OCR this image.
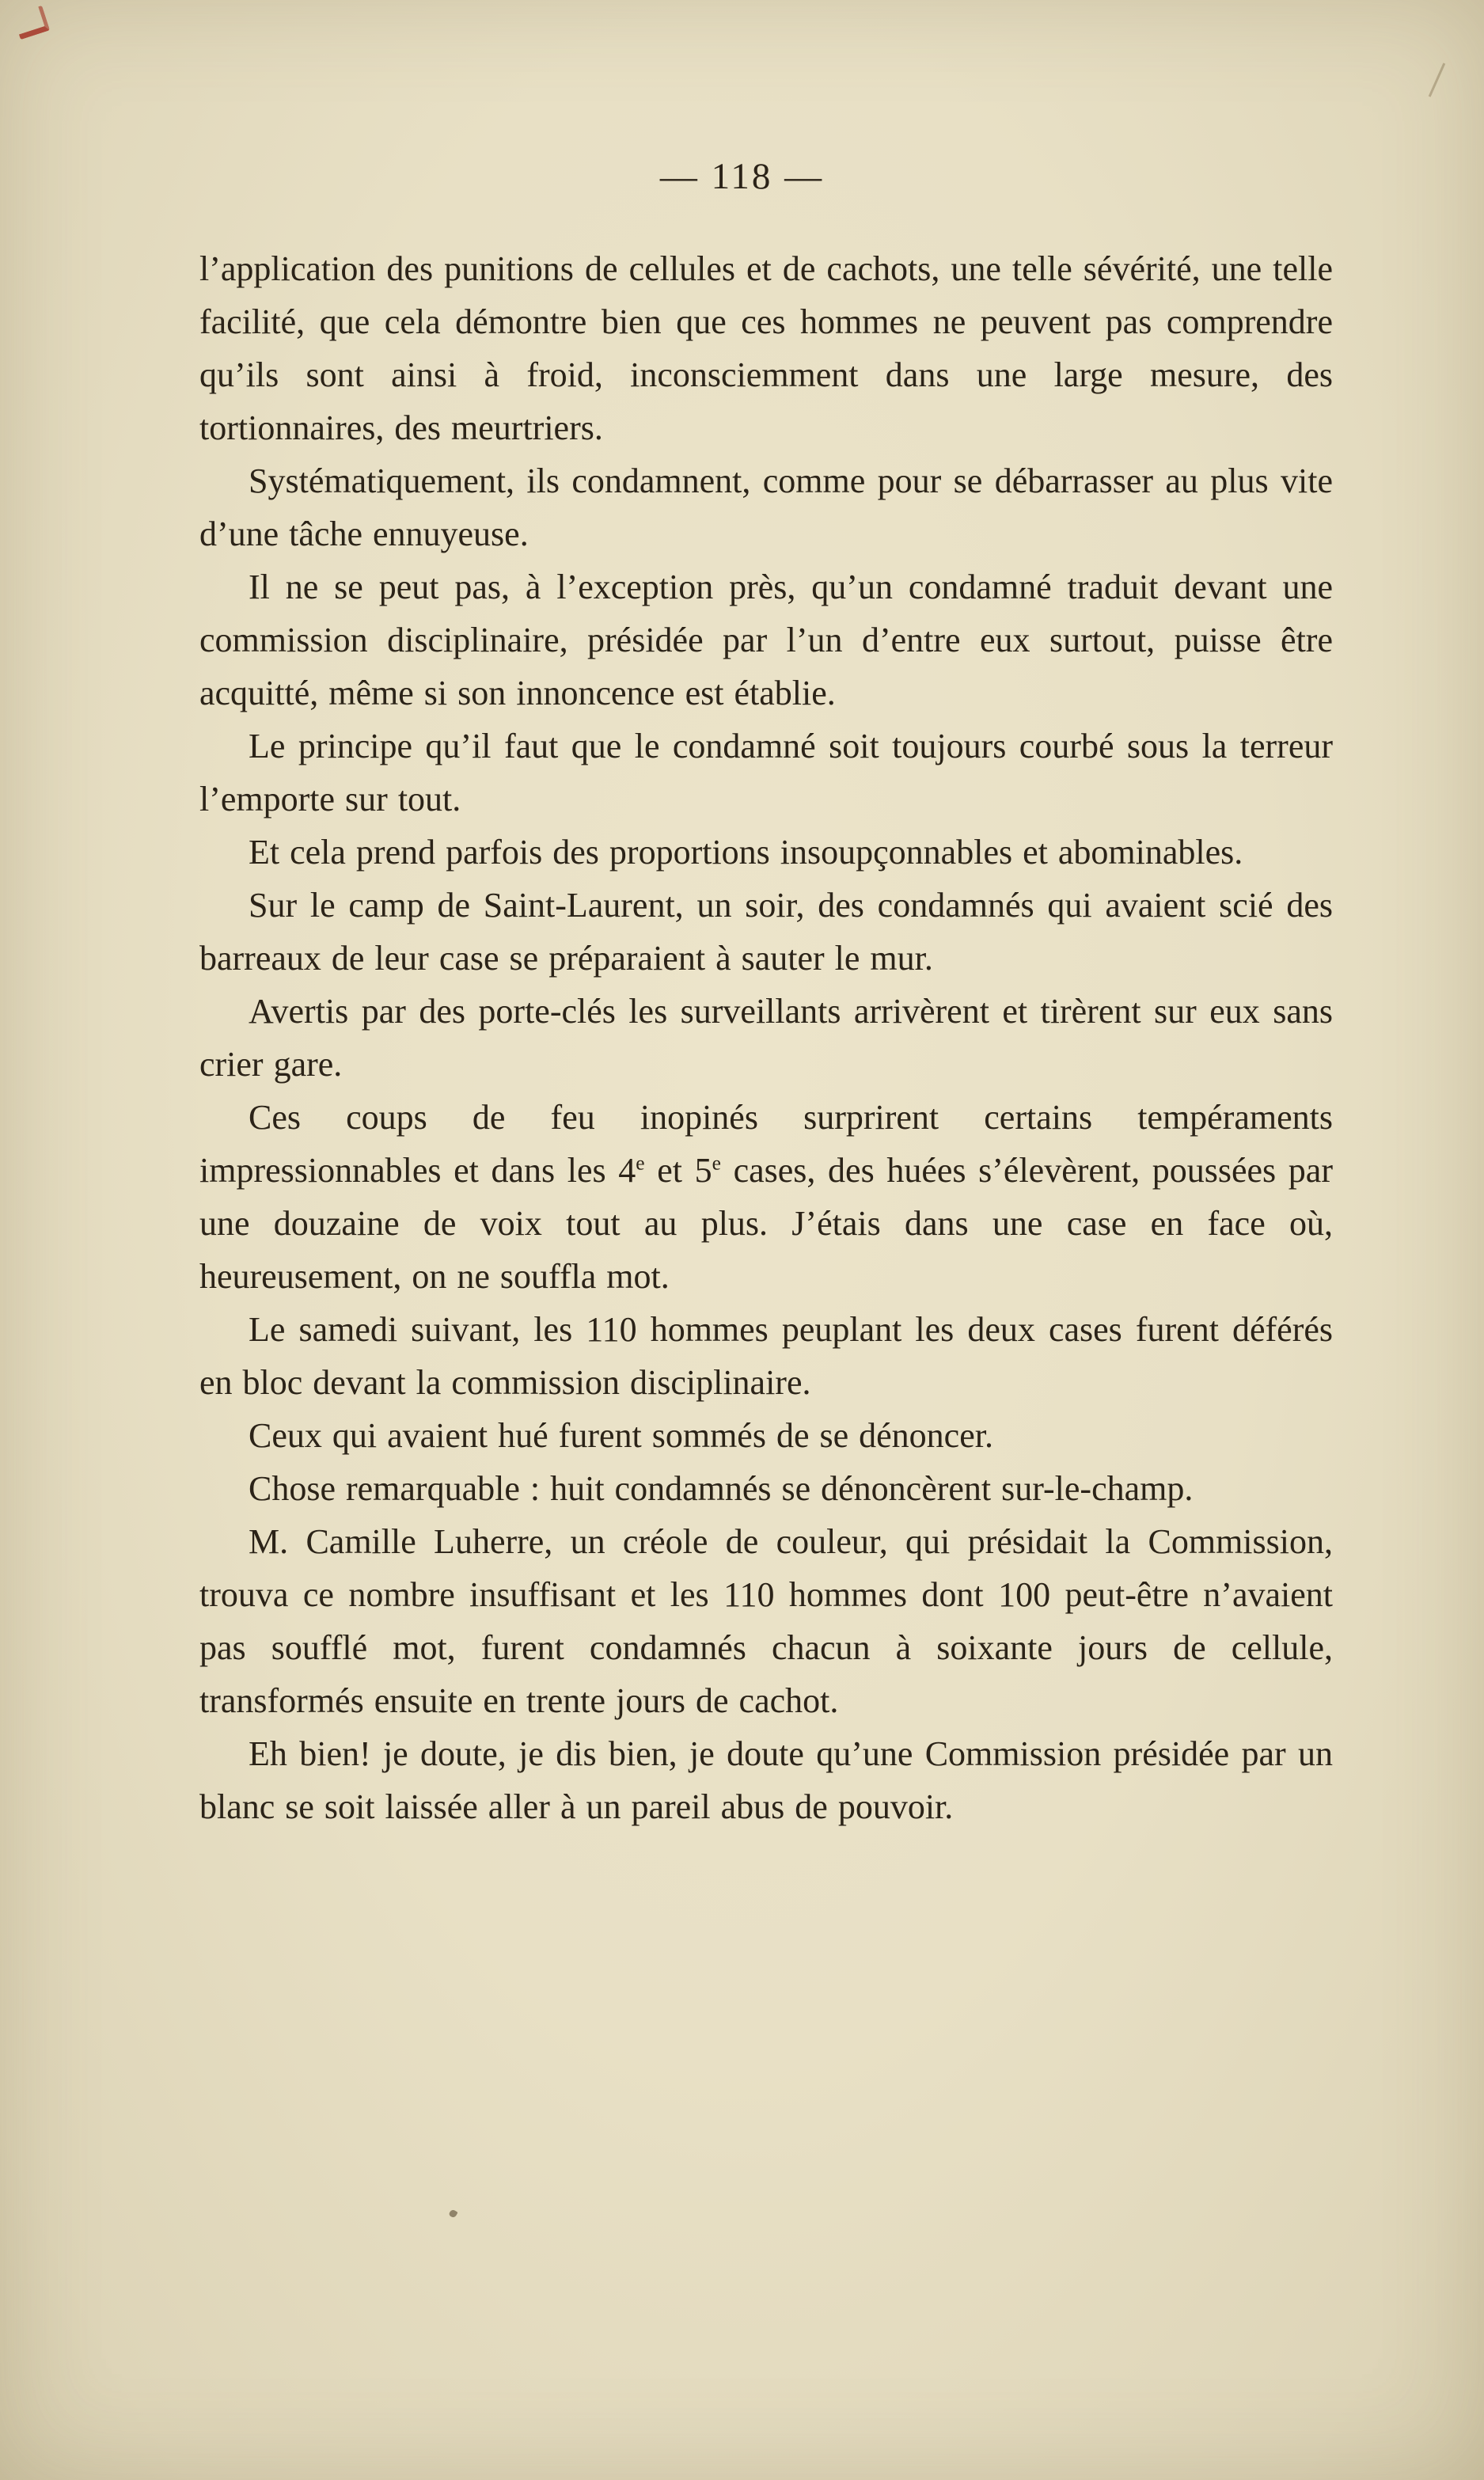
— 118 —

l’application des punitions de cellules et de cachots, une telle sévérité, une telle facilité, que cela démontre bien que ces hommes ne peuvent pas comprendre qu’ils sont ainsi à froid, inconsciemment dans une large mesure, des tortionnaires, des meurtriers.

Systématiquement, ils condamnent, comme pour se débarrasser au plus vite d’une tâche ennuyeuse.

Il ne se peut pas, à l’exception près, qu’un condamné traduit devant une commission disciplinaire, présidée par l’un d’entre eux surtout, puisse être acquitté, même si son innoncence est établie.

Le principe qu’il faut que le condamné soit toujours courbé sous la terreur l’emporte sur tout.

Et cela prend parfois des proportions insoupçonnables et abominables.

Sur le camp de Saint-Laurent, un soir, des condamnés qui avaient scié des barreaux de leur case se préparaient à sauter le mur.

Avertis par des porte-clés les surveillants arrivèrent et tirèrent sur eux sans crier gare.

Ces coups de feu inopinés surprirent certains tempéraments impressionnables et dans les 4e et 5e cases, des huées s’élevèrent, poussées par une douzaine de voix tout au plus. J’étais dans une case en face où, heureusement, on ne souffla mot.

Le samedi suivant, les 110 hommes peuplant les deux cases furent déférés en bloc devant la commission disciplinaire.

Ceux qui avaient hué furent sommés de se dénoncer.

Chose remarquable : huit condamnés se dénoncèrent sur-le-champ.

M. Camille Luherre, un créole de couleur, qui présidait la Commission, trouva ce nombre insuffisant et les 110 hommes dont 100 peut-être n’avaient pas soufflé mot, furent condamnés chacun à soixante jours de cellule, transformés ensuite en trente jours de cachot.

Eh bien! je doute, je dis bien, je doute qu’une Commission présidée par un blanc se soit laissée aller à un pareil abus de pouvoir.
